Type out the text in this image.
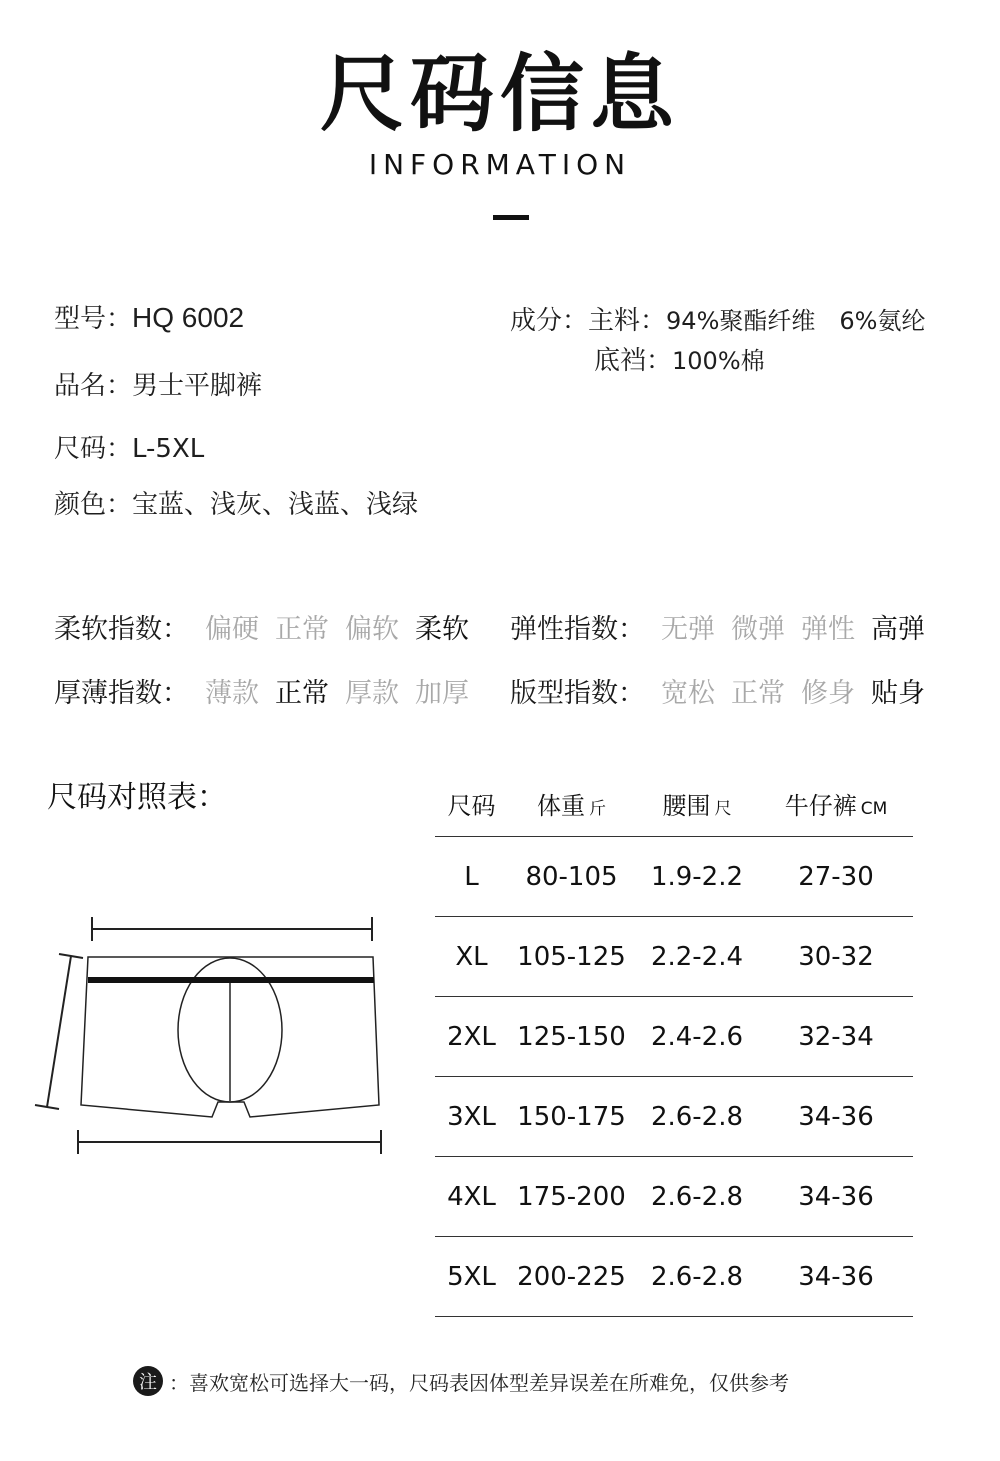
尺码信息
INFORMATION
型号：HQ 6002
品名：男士平脚裤
尺码：L-5XL
颜色：宝蓝、浅灰、浅蓝、浅绿
成分：主料：94%聚酯纤维　6%氨纶
底裆：100%棉
柔软指数： 偏硬 正常 偏软 柔软 弹性指数： 无弹 微弹 弹性 高弹
厚薄指数： 薄款 正常 厚款 加厚 版型指数： 宽松 正常 修身 贴身
尺码对照表：	尺码	体重 斤	腰围 尺	牛仔裤 CM
L	80-105	1.9-2.2	27-30
XL	105-125	2.2-2.4	30-32
2XL	125-150	2.4-2.6	32-34
3XL	150-175	2.6-2.8	34-36
4XL	175-200	2.6-2.8	34-36
5XL	200-225	2.6-2.8	34-36
注 ：喜欢宽松可选择大一码，尺码表因体型差异误差在所难免，仅供参考
